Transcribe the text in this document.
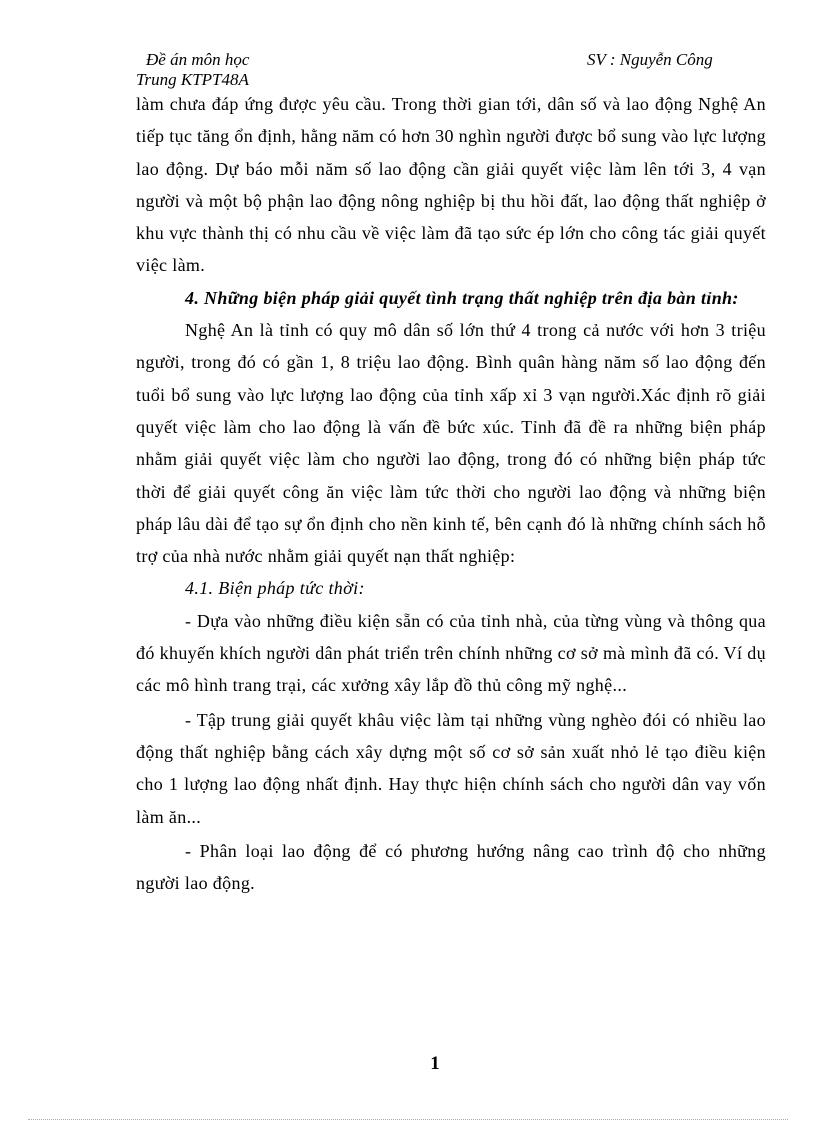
Đề án môn học
Trung KTPT48A
SV : Nguyễn Công

làm chưa đáp ứng được yêu cầu. Trong thời gian tới, dân số và lao động Nghệ An tiếp tục tăng ổn định, hằng năm có hơn 30 nghìn người được bổ sung vào lực lượng lao động. Dự báo mỗi năm số lao động cần giải quyết việc làm lên tới 3, 4 vạn người và một bộ phận lao động nông nghiệp bị thu hồi đất, lao động thất nghiệp ở khu vực thành thị có nhu cầu về việc làm đã tạo sức ép lớn cho công tác giải quyết việc làm.

4. Những biện pháp giải quyết tình trạng thất nghiệp trên địa bàn tỉnh:

Nghệ An là tỉnh có quy mô dân số lớn thứ 4 trong cả nước với hơn 3 triệu người, trong đó có gần 1, 8 triệu lao động. Bình quân hàng năm số lao động đến tuổi bổ sung vào lực lượng lao động của tỉnh xấp xỉ 3 vạn người.Xác định rõ giải quyết việc làm cho lao động là vấn đề bức xúc. Tỉnh đã đề ra những biện pháp nhằm giải quyết việc làm cho người lao động, trong đó có những biện pháp tức thời để giải quyết công ăn việc làm tức thời cho người lao động và những biện pháp lâu dài để tạo sự ổn định cho nền kinh tế, bên cạnh đó là những chính sách hỗ trợ của nhà nước nhằm giải quyết nạn thất nghiệp:

4.1. Biện pháp tức thời:

- Dựa vào những điều kiện sẵn có của tỉnh nhà, của từng vùng và thông qua đó khuyến khích người dân phát triển trên chính những cơ sở mà mình đã có. Ví dụ các mô hình trang trại, các xưởng xây lắp đồ thủ công mỹ nghệ...

- Tập trung giải quyết khâu việc làm tại những vùng nghèo đói có nhiều lao động thất nghiệp bằng cách xây dựng một số cơ sở sản xuất nhỏ lẻ tạo điều kiện cho 1 lượng lao động nhất định. Hay thực hiện chính sách cho người dân vay vốn làm ăn...

- Phân loại lao động để có phương hướng nâng cao trình độ cho những người lao động.

1
